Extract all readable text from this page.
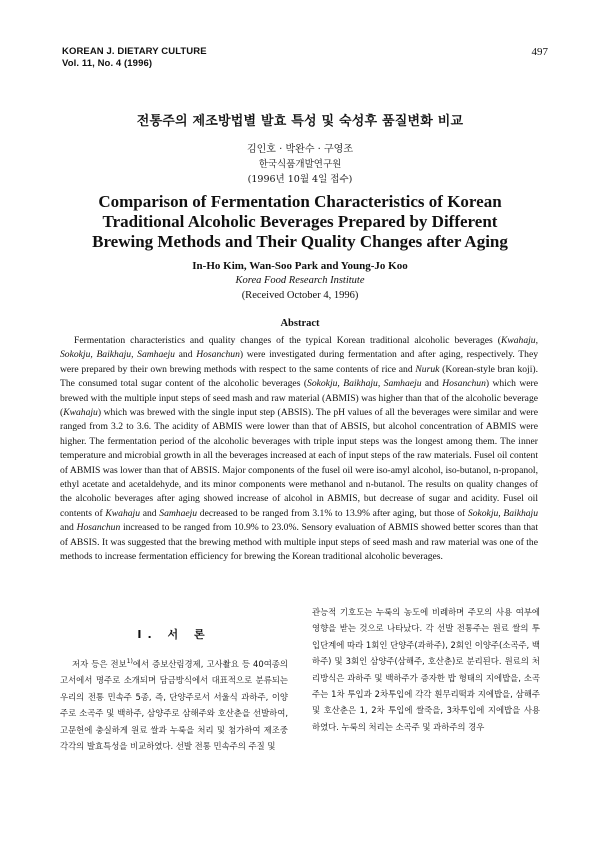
KOREAN J. DIETARY CULTURE
Vol. 11, No. 4 (1996)
497
전통주의 제조방법별 발효 특성 및 숙성후 품질변화 비교
김인호 · 박완수 · 구영조
한국식품개발연구원
(1996년 10월 4일 접수)
Comparison of Fermentation Characteristics of Korean
Traditional Alcoholic Beverages Prepared by Different
Brewing Methods and Their Quality Changes after Aging
In-Ho Kim, Wan-Soo Park and Young-Jo Koo
Korea Food Research Institute
(Received October 4, 1996)
Abstract
Fermentation characteristics and quality changes of the typical Korean traditional alcoholic beverages (Kwahaju, Sokokju, Baikhaju, Samhaeju and Hosanchun) were investigated during fermentation and after aging, respectively. They were prepared by their own brewing methods with respect to the same contents of rice and Nuruk (Korean-style bran koji). The consumed total sugar content of the alcoholic beverages (Sokokju, Baikhaju, Samhaeju and Hosanchun) which were brewed with the multiple input steps of seed mash and raw material (ABMIS) was higher than that of the alcoholic beverage (Kwahaju) which was brewed with the single input step (ABSIS). The pH values of all the beverages were similar and were ranged from 3.2 to 3.6. The acidity of ABMIS were lower than that of ABSIS, but alcohol concentration of ABMIS were higher. The fermentation period of the alcoholic beverages with triple input steps was the longest among them. The inner temperature and microbial growth in all the beverages increased at each of input steps of the raw materials. Fusel oil content of ABMIS was lower than that of ABSIS. Major components of the fusel oil were iso-amyl alcohol, iso-butanol, n-propanol, ethyl acetate and acetaldehyde, and its minor components were methanol and n-butanol. The results on quality changes of the alcoholic beverages after aging showed increase of alcohol in ABMIS, but decrease of sugar and acidity. Fusel oil contents of Kwahaju and Samhaeju decreased to be ranged from 3.1% to 13.9% after aging, but those of Sokokju, Baikhaju and Hosanchun increased to be ranged from 10.9% to 23.0%. Sensory evaluation of ABMIS showed better scores than that of ABSIS. It was suggested that the brewing method with multiple input steps of seed mash and raw material was one of the methods to increase fermentation efficiency for brewing the Korean traditional alcoholic beverages.
I. 서 론

저자 등은 전보$^{1)}$에서 증보산림경제, 고사촬요 등 40여종의 고서에서 명주로 소개되며 담금방식에서 대표적으로 분류되는 우리의 전통 민속주 5종, 즉, 단양주로서 서울식 과하주, 이양주로 소곡주 및 백하주, 삼양주로 삼해주와 호산춘을 선발하여, 고문헌에 충실하게 원료 쌀과 누룩을 처리 및 첨가하여 제조중 각각의 발효특성을 비교하였다. 선발 전통 민속주의 주질 및

관능적 기호도는 누룩의 농도에 비례하며 주모의 사용 여부에 영향을 받는 것으로 나타났다. 각 선발 전통주는 원료 쌀의 투입단계에 따라 1회인 단양주(과하주), 2회인 이양주(소곡주, 백하주) 및 3회인 삼양주(삼해주, 호산춘)로 분리된다. 원료의 처리방식은 과하주 및 백하주가 증자한 밥 형태의 지에밥을, 소곡주는 1차 투입과 2차투입에 각각 흰무리떡과 지에밥을, 삼해주 및 호산춘은 1, 2차 투입에 쌀죽을, 3차투입에 지에밥을 사용하였다. 누룩의 처리는 소곡주 및 과하주의 경우
